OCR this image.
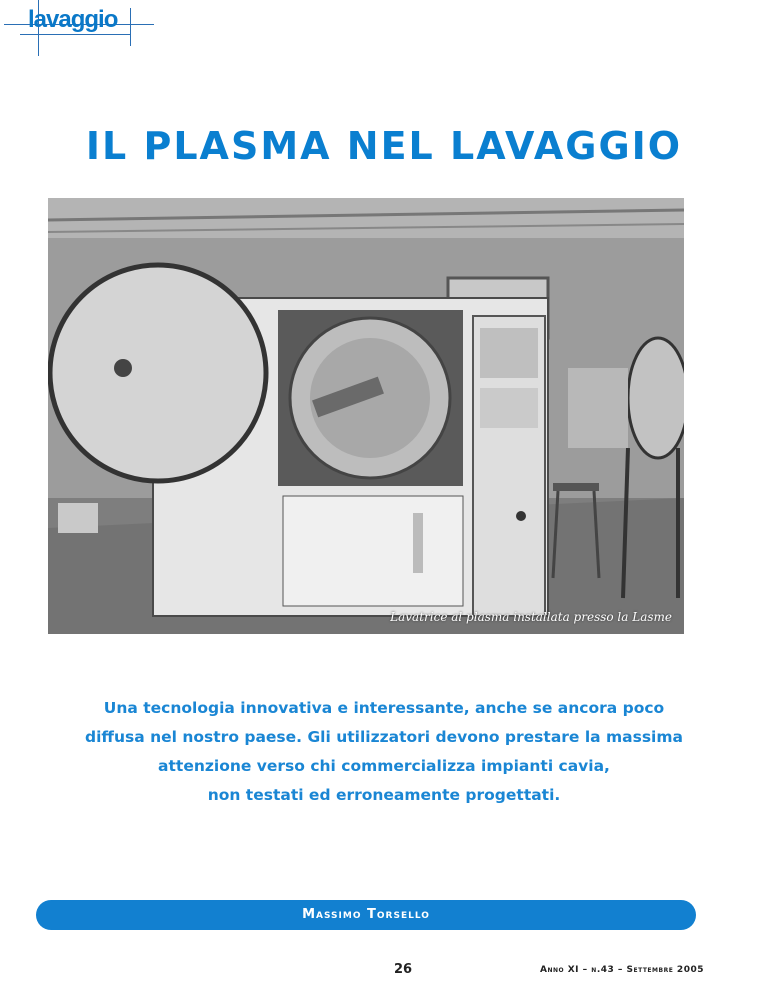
lavaggio
IL PLASMA NEL LAVAGGIO
Lavatrice al plasma installata presso la Lasme

Una tecnologia innovativa e interessante, anche se ancora poco
diffusa nel nostro paese. Gli utilizzatori devono prestare la massima
attenzione verso chi commercializza impianti cavia,
non testati ed erroneamente progettati.

Massimo Torsello
26	Anno XI – n.43 – Settembre 2005
